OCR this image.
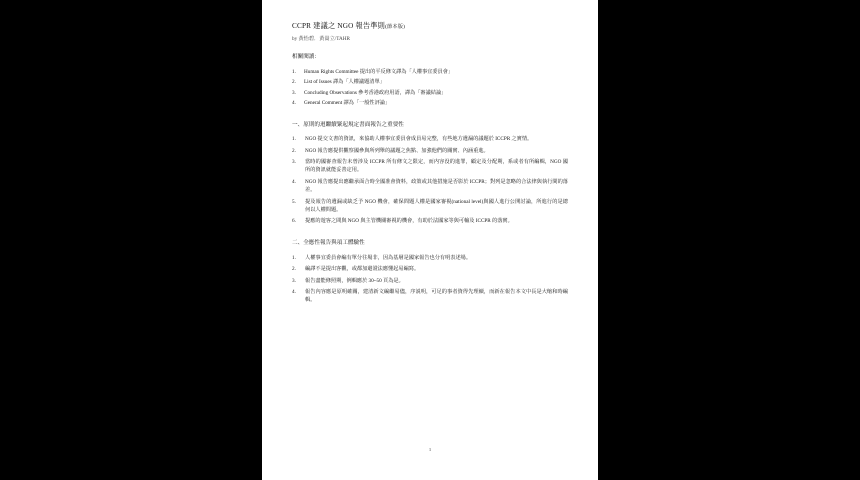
CCPR 建議之 NGO 報告準則(節本版)
by 黃怡碧．黃嵩立/TAHR
相關閱讀：
1.	Human Rights Committee 提出的平反條文譯為「人權事宜委員會」
2.	List of Issues 譯為「人權議題清單」
3.	Concluding Observations 參考香港政府用語，譯為「審議結論」
4.	General Comment 譯為「一般性評論」
一、原則的迴繼續緊起規定書面報告之重要性
1.	NGO 提交文書的資訊，來協助人權事宜委員會成員易完整，有些地方遺漏的議題於 ICCPR 之實情。
2.	NGO 報告應提供觀察國參與所列舉的議題之焦點、加強他們的關實、內涵重進。
3.	當時的國審查報告未曾涉及 ICCPR 所有條文之限定，而内容没的進罪，顧定及分配期，系或者有所編輯，NGO 國所的資訊就能妥善定用。
4.	NGO 報告應提出應繼承面合時全國准會資料，政策或其他措施是否影於 ICCPR；對列是忽略的合法律與執行間的落差。
5.	提及報告的遺漏或缺乏予 NGO 機會，確保問題人權是國家審視(national level)與國人進行公開討論，所進行的是總何以人權問題。
6.	提應的遊客之間與 NGO 與主管機關審視的機會，有助於法國家等與可輸及 ICCPR 的落實。
二、全應性報告與項工體驗性
1.	人權事宜委員會編有單分往場非，因為基層是國家報告也分有明表述場。
2.	編譯不是提出客觀，或都加避證法應懂起易編寫。
3.	報告盡能條照期，例輯應於 30~50 頁為是。
4.	報告內容應是原明確關，建清新文編繼易儘，序説明，可足的事者資得先理續，而新在報告本文中長是大缩和時編輯。
1
